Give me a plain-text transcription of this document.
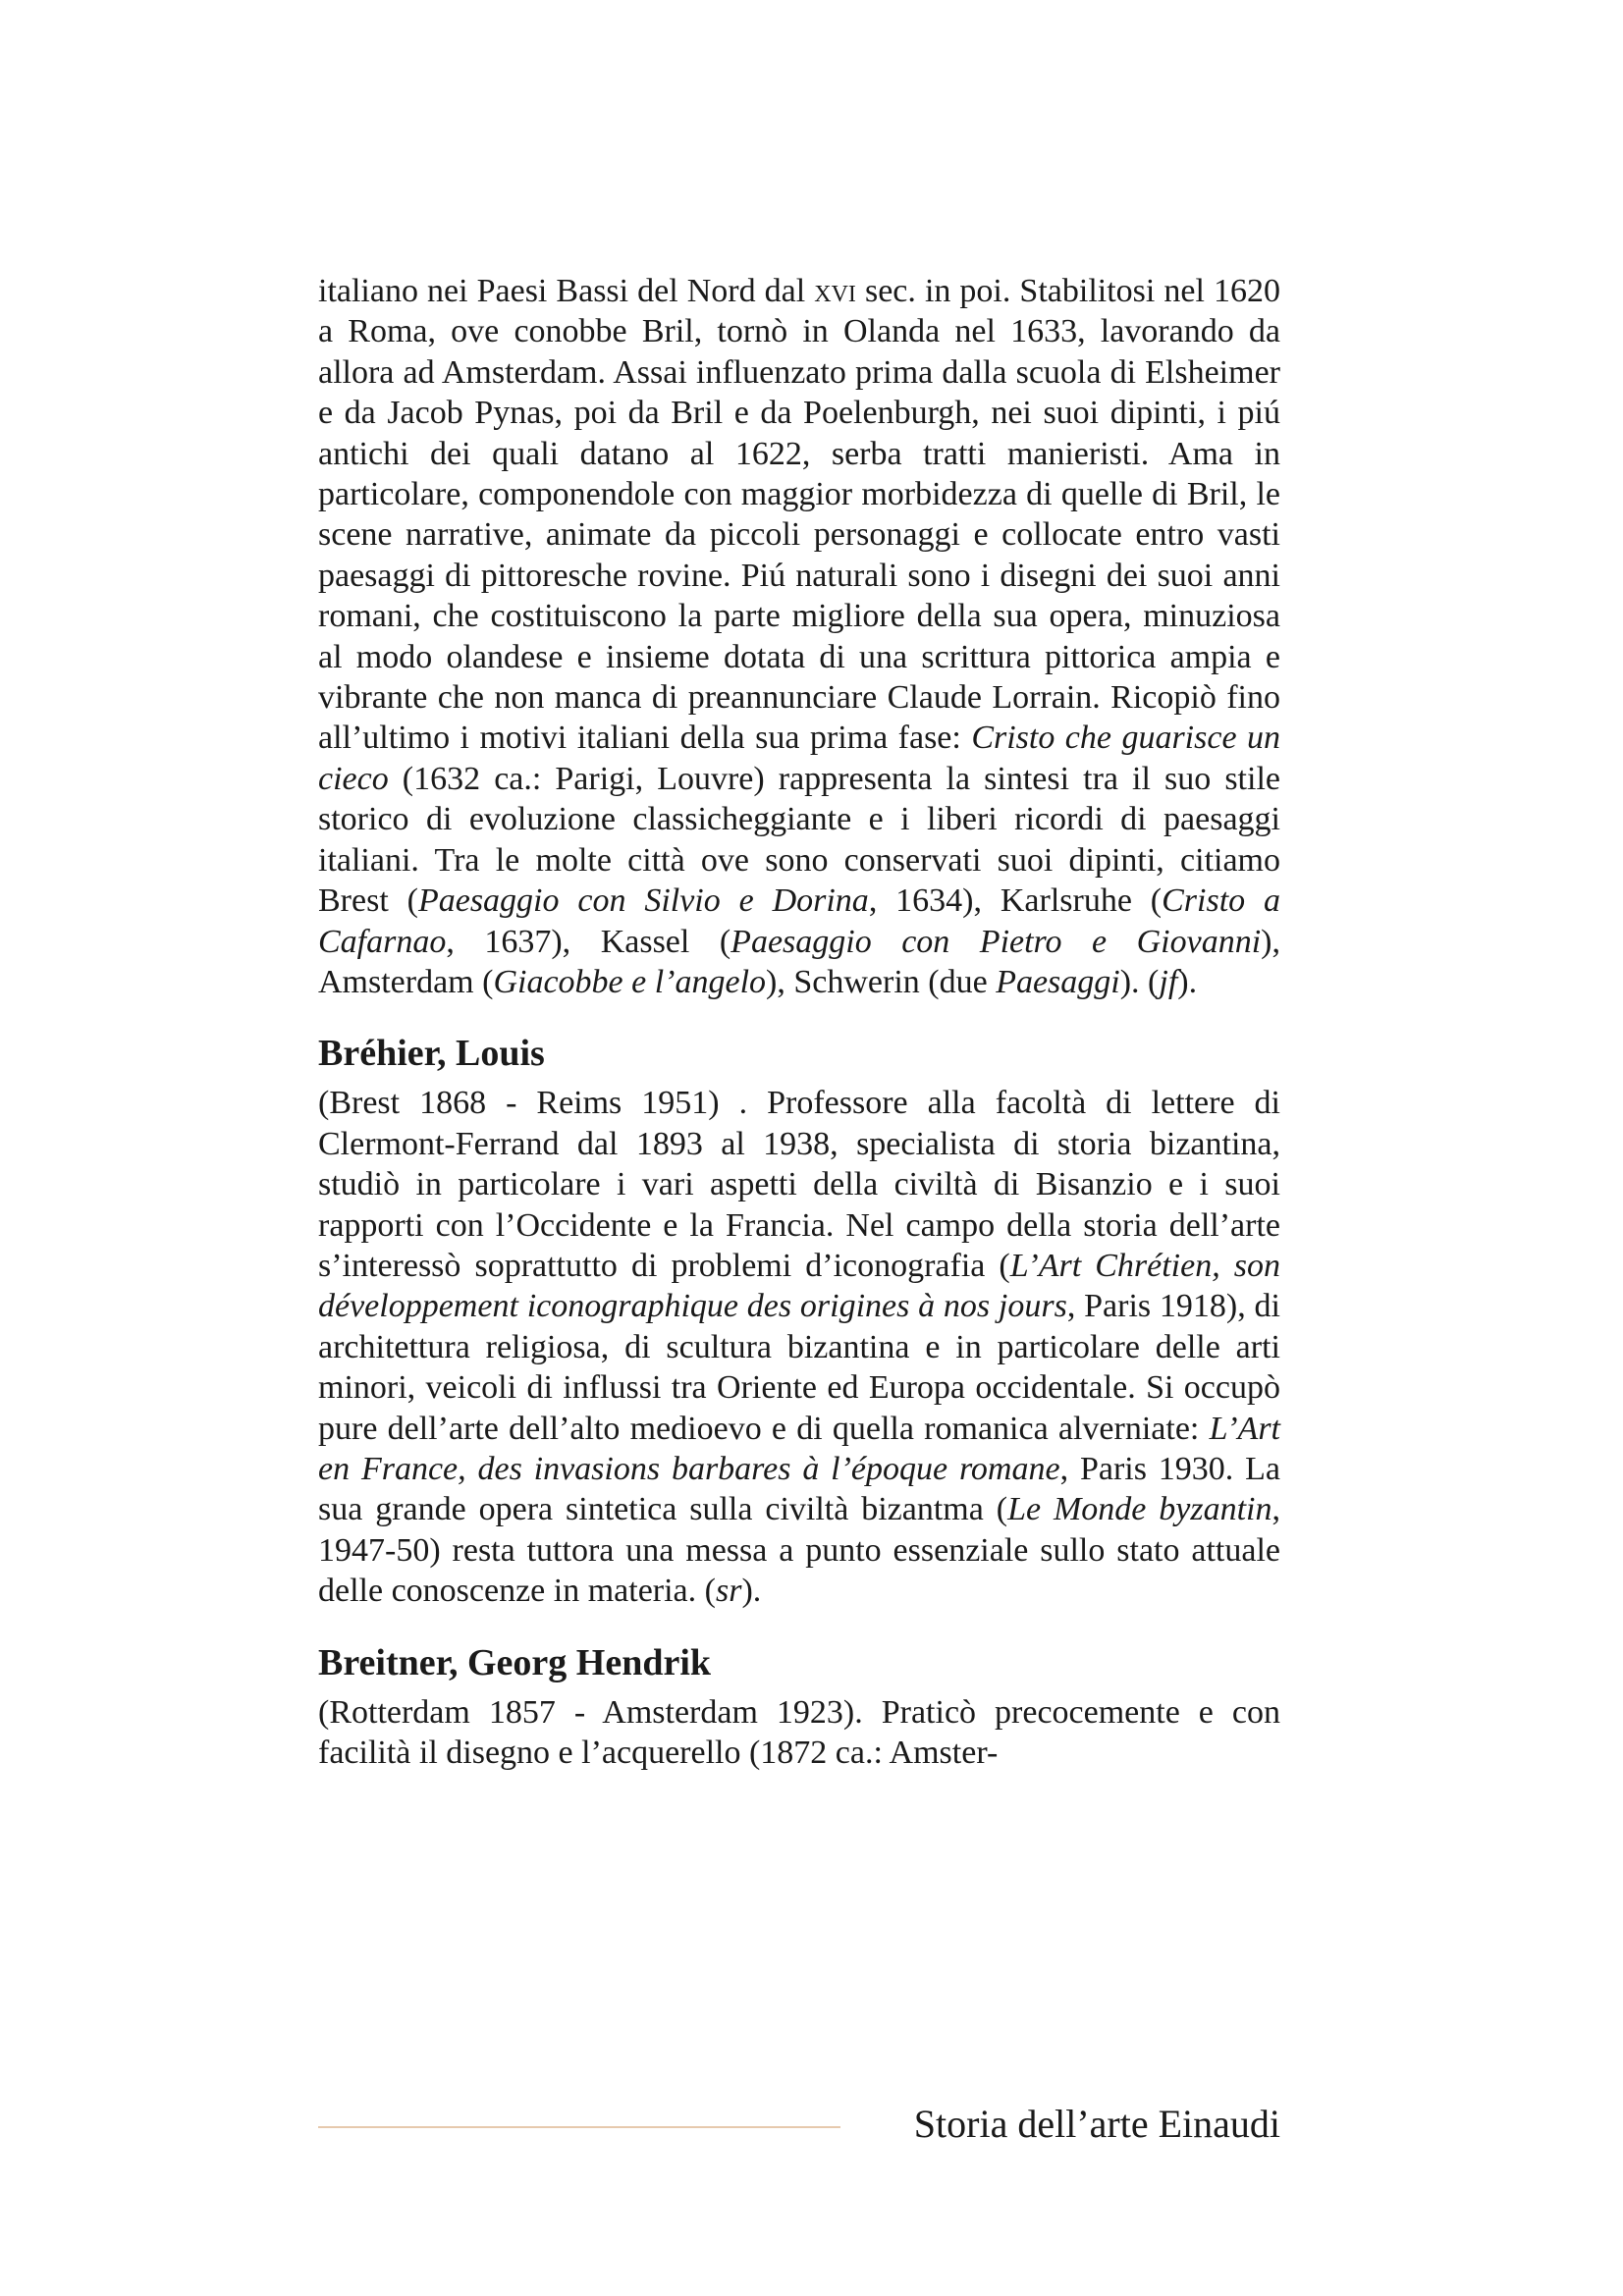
italiano nei Paesi Bassi del Nord dal xvi sec. in poi. Stabilitosi nel 1620 a Roma, ove conobbe Bril, tornò in Olanda nel 1633, lavorando da allora ad Amsterdam. Assai influenzato prima dalla scuola di Elsheimer e da Jacob Pynas, poi da Bril e da Poelenburgh, nei suoi dipinti, i piú antichi dei quali datano al 1622, serba tratti manieristi. Ama in particolare, componendole con maggior morbidezza di quelle di Bril, le scene narrative, animate da piccoli personaggi e collocate entro vasti paesaggi di pittoresche rovine. Piú naturali sono i disegni dei suoi anni romani, che costituiscono la parte migliore della sua opera, minuziosa al modo olandese e insieme dotata di una scrittura pittorica ampia e vibrante che non manca di preannunciare Claude Lorrain. Ricopiò fino all’ultimo i motivi italiani della sua prima fase: Cristo che guarisce un cieco (1632 ca.: Parigi, Louvre) rappresenta la sintesi tra il suo stile storico di evoluzione classicheggiante e i liberi ricordi di paesaggi italiani. Tra le molte città ove sono conservati suoi dipinti, citiamo Brest (Paesaggio con Silvio e Dorina, 1634), Karlsruhe (Cristo a Cafarnao, 1637), Kassel (Paesaggio con Pietro e Giovanni), Amsterdam (Giacobbe e l’angelo), Schwerin (due Paesaggi). (jf).

Bréhier, Louis

(Brest 1868 - Reims 1951) . Professore alla facoltà di lettere di Clermont-Ferrand dal 1893 al 1938, specialista di storia bizantina, studiò in particolare i vari aspetti della civiltà di Bisanzio e i suoi rapporti con l’Occidente e la Francia. Nel campo della storia dell’arte s’interessò soprattutto di problemi d’iconografia (L’Art Chrétien, son développement iconographique des origines à nos jours, Paris 1918), di architettura religiosa, di scultura bizantina e in particolare delle arti minori, veicoli di influssi tra Oriente ed Europa occidentale. Si occupò pure dell’arte dell’alto medioevo e di quella romanica alverniate: L’Art en France, des invasions barbares à l’époque romane, Paris 1930. La sua grande opera sintetica sulla civiltà bizantma (Le Monde byzantin, 1947-50) resta tuttora una messa a punto essenziale sullo stato attuale delle conoscenze in materia. (sr).

Breitner, Georg Hendrik

(Rotterdam 1857 - Amsterdam 1923). Praticò precocemente e con facilità il disegno e l’acquerello (1872 ca.: Amster-

Storia dell’arte Einaudi
